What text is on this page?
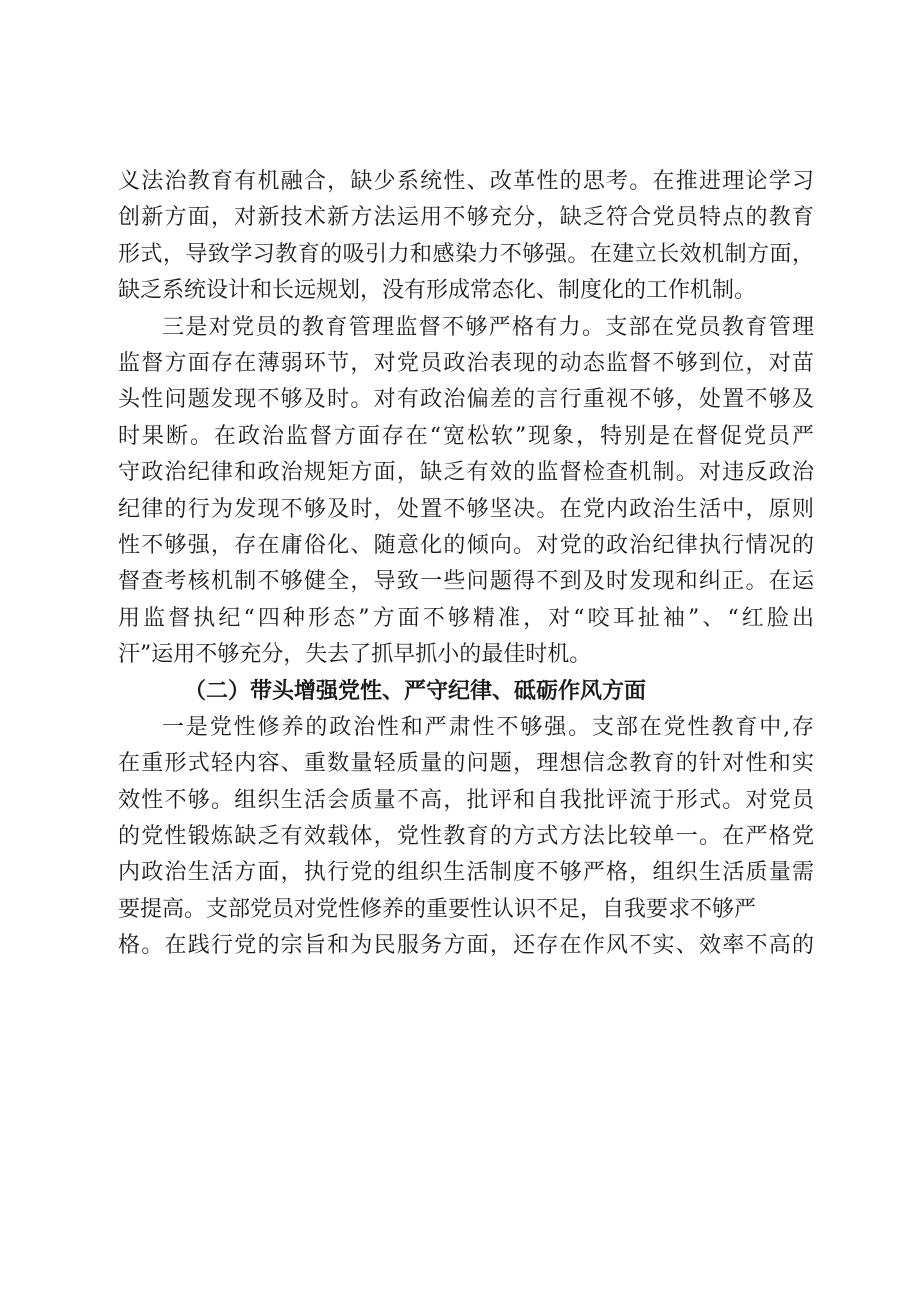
义法治教育有机融合，缺少系统性、改革性的思考。在推进理论学习
创新方面，对新技术新方法运用不够充分，缺乏符合党员特点的教育
形式，导致学习教育的吸引力和感染力不够强。在建立长效机制方面，
缺乏系统设计和长远规划，没有形成常态化、制度化的工作机制。
三是对党员的教育管理监督不够严格有力。支部在党员教育管理
监督方面存在薄弱环节，对党员政治表现的动态监督不够到位，对苗
头性问题发现不够及时。对有政治偏差的言行重视不够，处置不够及
时果断。在政治监督方面存在“宽松软”现象，特别是在督促党员严
守政治纪律和政治规矩方面，缺乏有效的监督检查机制。对违反政治
纪律的行为发现不够及时，处置不够坚决。在党内政治生活中，原则
性不够强，存在庸俗化、随意化的倾向。对党的政治纪律执行情况的
督查考核机制不够健全，导致一些问题得不到及时发现和纠正。在运
用监督执纪“四种形态”方面不够精准，对“咬耳扯袖”、“红脸出
汗”运用不够充分，失去了抓早抓小的最佳时机。
（二）带头增强党性、严守纪律、砥砺作风方面
一是党性修养的政治性和严肃性不够强。支部在党性教育中,存
在重形式轻内容、重数量轻质量的问题，理想信念教育的针对性和实
效性不够。组织生活会质量不高，批评和自我批评流于形式。对党员
的党性锻炼缺乏有效载体，党性教育的方式方法比较单一。在严格党
内政治生活方面，执行党的组织生活制度不够严格，组织生活质量需
要提高。支部党员对党性修养的重要性认识不足，自我要求不够严
格。在践行党的宗旨和为民服务方面，还存在作风不实、效率不高的
